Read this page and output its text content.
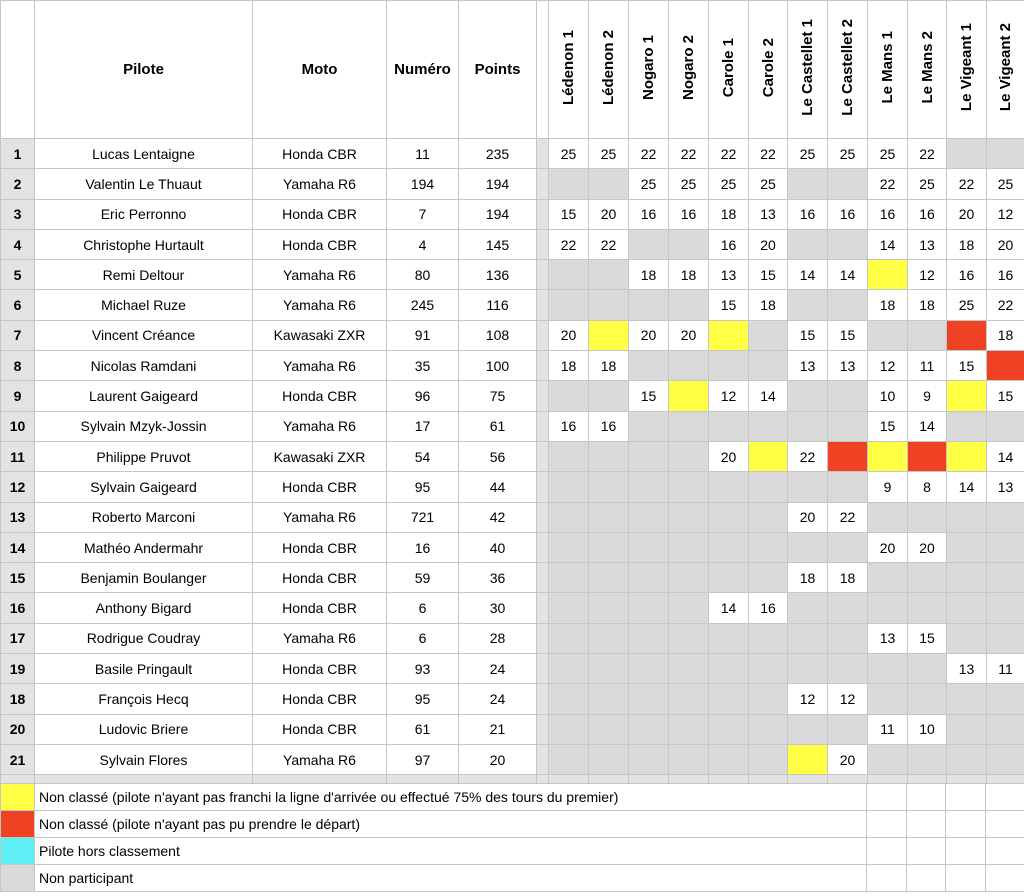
	Pilote	Moto	Numéro	Points		Lédenon 1	Lédenon 2	Nogaro 1	Nogaro 2	Carole 1	Carole 2	Le Castellet 1	Le Castellet 2	Le Mans 1	Le Mans 2	Le Vigeant 1	Le Vigeant 2
1	Lucas Lentaigne	Honda CBR	11	235		25	25	22	22	22	22	25	25	25	22		
2	Valentin Le Thuaut	Yamaha R6	194	194				25	25	25	25			22	25	22	25
3	Eric Perronno	Honda CBR	7	194		15	20	16	16	18	13	16	16	16	16	20	12
4	Christophe Hurtault	Honda CBR	4	145		22	22			16	20			14	13	18	20
5	Remi Deltour	Yamaha R6	80	136				18	18	13	15	14	14		12	16	16
6	Michael Ruze	Yamaha R6	245	116						15	18			18	18	25	22
7	Vincent Créance	Kawasaki ZXR	91	108		20		20	20			15	15				18
8	Nicolas Ramdani	Yamaha R6	35	100		18	18					13	13	12	11	15	
9	Laurent Gaigeard	Honda CBR	96	75				15		12	14			10	9		15
10	Sylvain Mzyk-Jossin	Yamaha R6	17	61		16	16							15	14		
11	Philippe Pruvot	Kawasaki ZXR	54	56						20		22					14
12	Sylvain Gaigeard	Honda CBR	95	44										9	8	14	13
13	Roberto Marconi	Yamaha R6	721	42								20	22				
14	Mathéo Andermahr	Honda CBR	16	40										20	20		
15	Benjamin Boulanger	Honda CBR	59	36								18	18				
16	Anthony Bigard	Honda CBR	6	30						14	16						
17	Rodrigue Coudray	Yamaha R6	6	28										13	15		
19	Basile Pringault	Honda CBR	93	24												13	11
18	François Hecq	Honda CBR	95	24								12	12				
20	Ludovic Briere	Honda CBR	61	21										11	10		
21	Sylvain Flores	Yamaha R6	97	20									20				

	Non classé (pilote n'ayant pas franchi la ligne d'arrivée ou effectué 75% des tours du premier)				
	Non classé (pilote n'ayant pas pu prendre le départ)				
	Pilote hors classement				
	Non participant				
